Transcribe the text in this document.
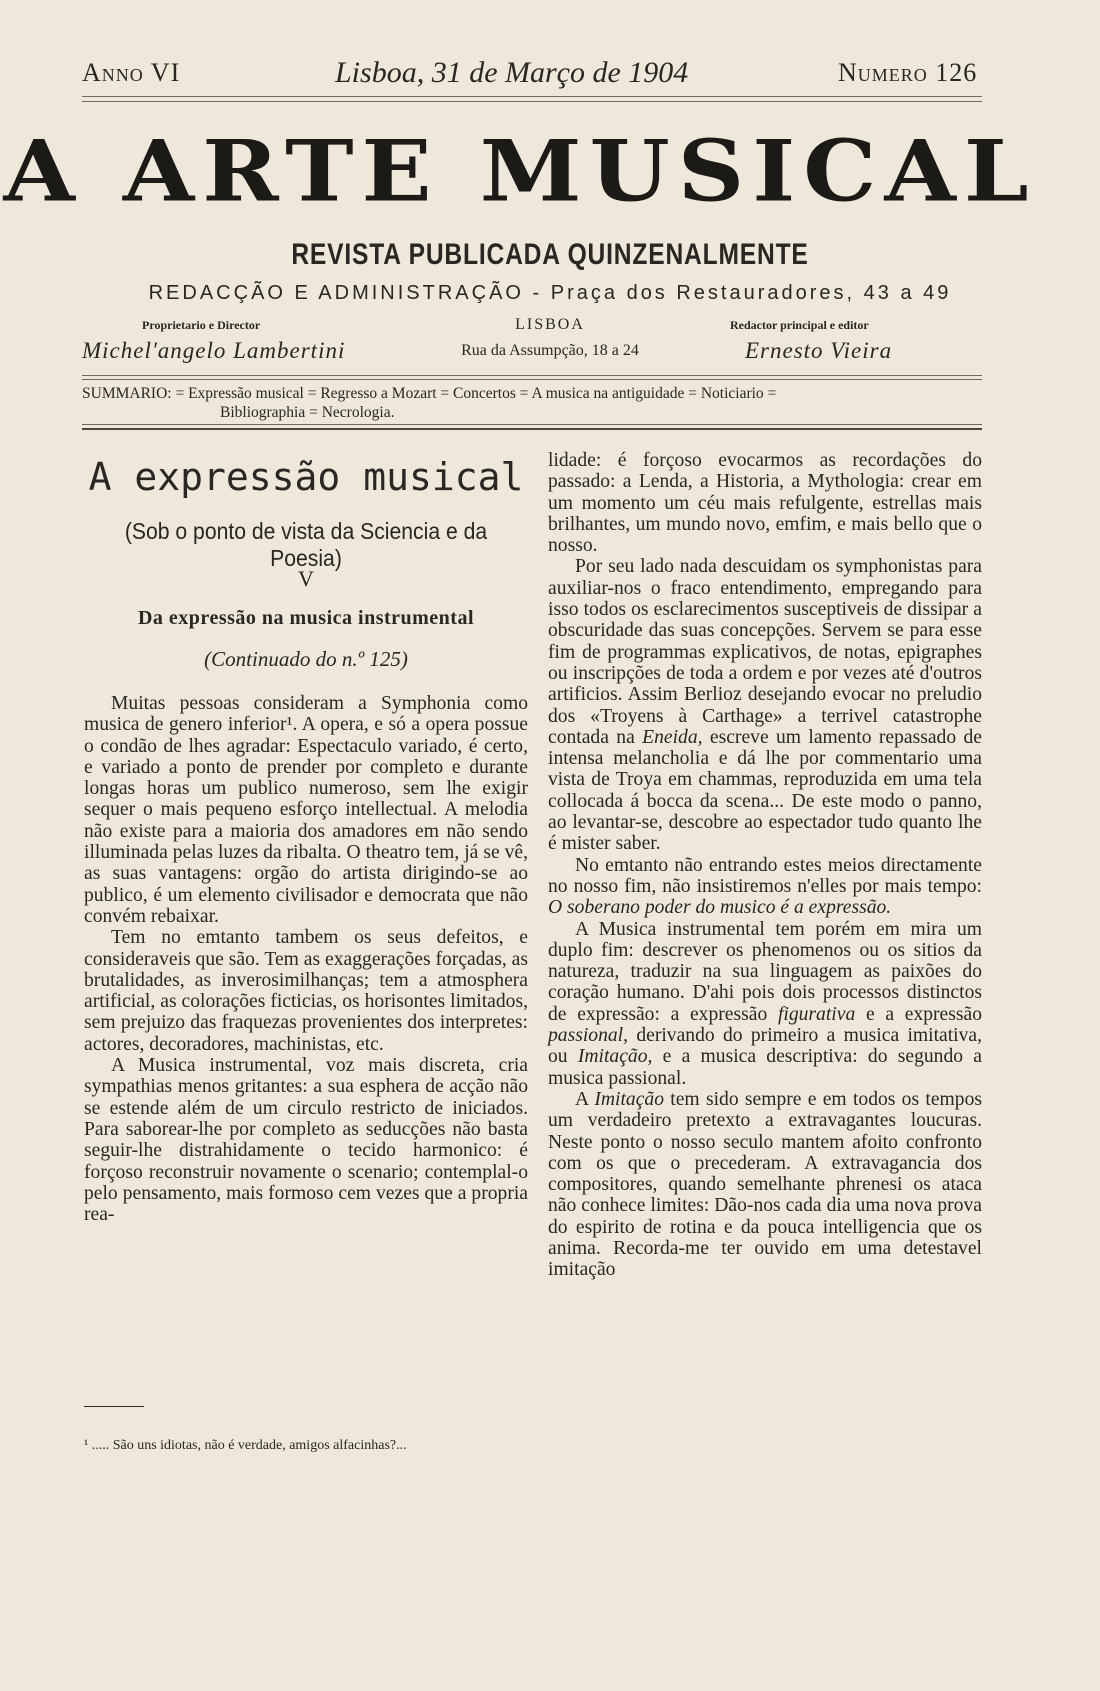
Anno VI	Lisboa, 31 de Março de 1904	Numero 126
A ARTE MUSICAL
REVISTA PUBLICADA QUINZENALMENTE
REDACÇÃO E ADMINISTRAÇÃO - Praça dos Restauradores, 43 a 49
Proprietario e Director
Michel'angelo Lambertini
LISBOA
Rua da Assumpção, 18 a 24
Redactor principal e editor
Ernesto Vieira
SUMMARIO: = Expressão musical = Regresso a Mozart = Concertos = A musica na antiguidade = Noticiario =
Bibliographia = Necrologia.
A expressão musical
(Sob o ponto de vista da Sciencia e da Poesia)
V
Da expressão na musica instrumental
(Continuado do n.º 125)

Muitas pessoas consideram a Symphonia como musica de genero inferior¹. A opera, e só a opera possue o condão de lhes agradar: Espectaculo variado, é certo, e variado a ponto de prender por completo e durante longas horas um publico numeroso, sem lhe exigir sequer o mais pequeno esforço intellectual. A melodia não existe para a maioria dos amadores em não sendo illuminada pelas luzes da ribalta. O theatro tem, já se vê, as suas vantagens: orgão do artista dirigindo-se ao publico, é um elemento civilisador e democrata que não convém rebaixar.

Tem no emtanto tambem os seus defeitos, e consideraveis que são. Tem as exaggerações forçadas, as brutalidades, as inverosimilhanças; tem a atmosphera artificial, as colorações ficticias, os horisontes limitados, sem prejuizo das fraquezas provenientes dos interpretes: actores, decoradores, machinistas, etc.

A Musica instrumental, voz mais discreta, cria sympathias menos gritantes: a sua esphera de acção não se estende além de um circulo restricto de iniciados. Para saborear-lhe por completo as seducções não basta seguir-lhe distrahidamente o tecido harmonico: é forçoso reconstruir novamente o scenario; contemplal-o pelo pensamento, mais formoso cem vezes que a propria rea-

¹ ..... São uns idiotas, não é verdade, amigos alfacinhas?...

lidade: é forçoso evocarmos as recordações do passado: a Lenda, a Historia, a Mythologia: crear em um momento um céu mais refulgente, estrellas mais brilhantes, um mundo novo, emfim, e mais bello que o nosso.

Por seu lado nada descuidam os symphonistas para auxiliar-nos o fraco entendimento, empregando para isso todos os esclarecimentos susceptiveis de dissipar a obscuridade das suas concepções. Servem se para esse fim de programmas explicativos, de notas, epigraphes ou inscripções de toda a ordem e por vezes até d'outros artificios. Assim Berlioz desejando evocar no preludio dos «Troyens à Carthage» a terrivel catastrophe contada na Eneida, escreve um lamento repassado de intensa melancholia e dá lhe por commentario uma vista de Troya em chammas, reproduzida em uma tela collocada á bocca da scena... De este modo o panno, ao levantar-se, descobre ao espectador tudo quanto lhe é mister saber.

No emtanto não entrando estes meios directamente no nosso fim, não insistiremos n'elles por mais tempo: O soberano poder do musico é a expressão.

A Musica instrumental tem porém em mira um duplo fim: descrever os phenomenos ou os sitios da natureza, traduzir na sua linguagem as paixões do coração humano. D'ahi pois dois processos distinctos de expressão: a expressão figurativa e a expressão passional, derivando do primeiro a musica imitativa, ou Imitação, e a musica descriptiva: do segundo a musica passional.

A Imitação tem sido sempre e em todos os tempos um verdadeiro pretexto a extravagantes loucuras. Neste ponto o nosso seculo mantem afoito confronto com os que o precederam. A extravagancia dos compositores, quando semelhante phrenesi os ataca não conhece limites: Dão-nos cada dia uma nova prova do espirito de rotina e da pouca intelligencia que os anima. Recorda-me ter ouvido em uma detestavel imitação
